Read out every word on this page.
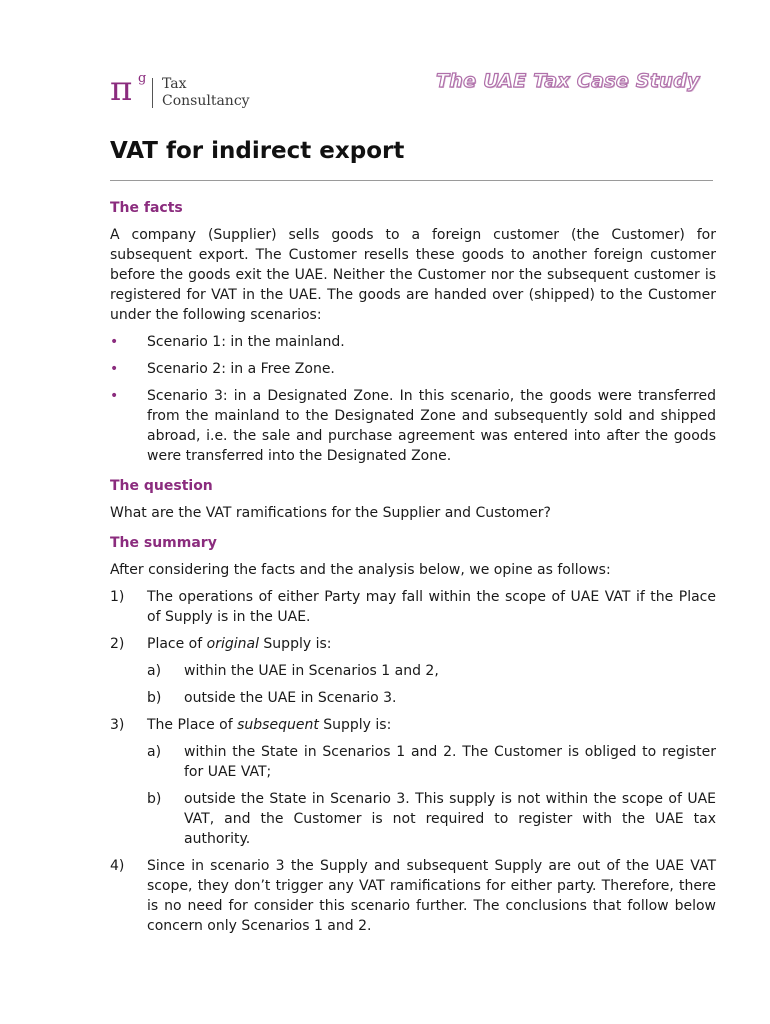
π g Tax
Consultancy
The UAE Tax Case Study
VAT for indirect export
The facts

A company (Supplier) sells goods to a foreign customer (the Customer) for subsequent export. The Customer resells these goods to another foreign customer before the goods exit the UAE. Neither the Customer nor the subsequent customer is registered for VAT in the UAE. The goods are handed over (shipped) to the Customer under the following scenarios:

• Scenario 1: in the mainland.
• Scenario 2: in a Free Zone.
• Scenario 3: in a Designated Zone. In this scenario, the goods were transferred from the mainland to the Designated Zone and subsequently sold and shipped abroad, i.e. the sale and purchase agreement was entered into after the goods were transferred into the Designated Zone.
The question

What are the VAT ramifications for the Supplier and Customer?

The summary

After considering the facts and the analysis below, we opine as follows:

1) The operations of either Party may fall within the scope of UAE VAT if the Place of Supply is in the UAE.
2) Place of original Supply is:
a) within the UAE in Scenarios 1 and 2,
b) outside the UAE in Scenario 3.
3) The Place of subsequent Supply is:
a) within the State in Scenarios 1 and 2. The Customer is obliged to register for UAE VAT;
b) outside the State in Scenario 3. This supply is not within the scope of UAE VAT, and the Customer is not required to register with the UAE tax authority.
4) Since in scenario 3 the Supply and subsequent Supply are out of the UAE VAT scope, they don’t trigger any VAT ramifications for either party. Therefore, there is no need for consider this scenario further. The conclusions that follow below concern only Scenarios 1 and 2.
